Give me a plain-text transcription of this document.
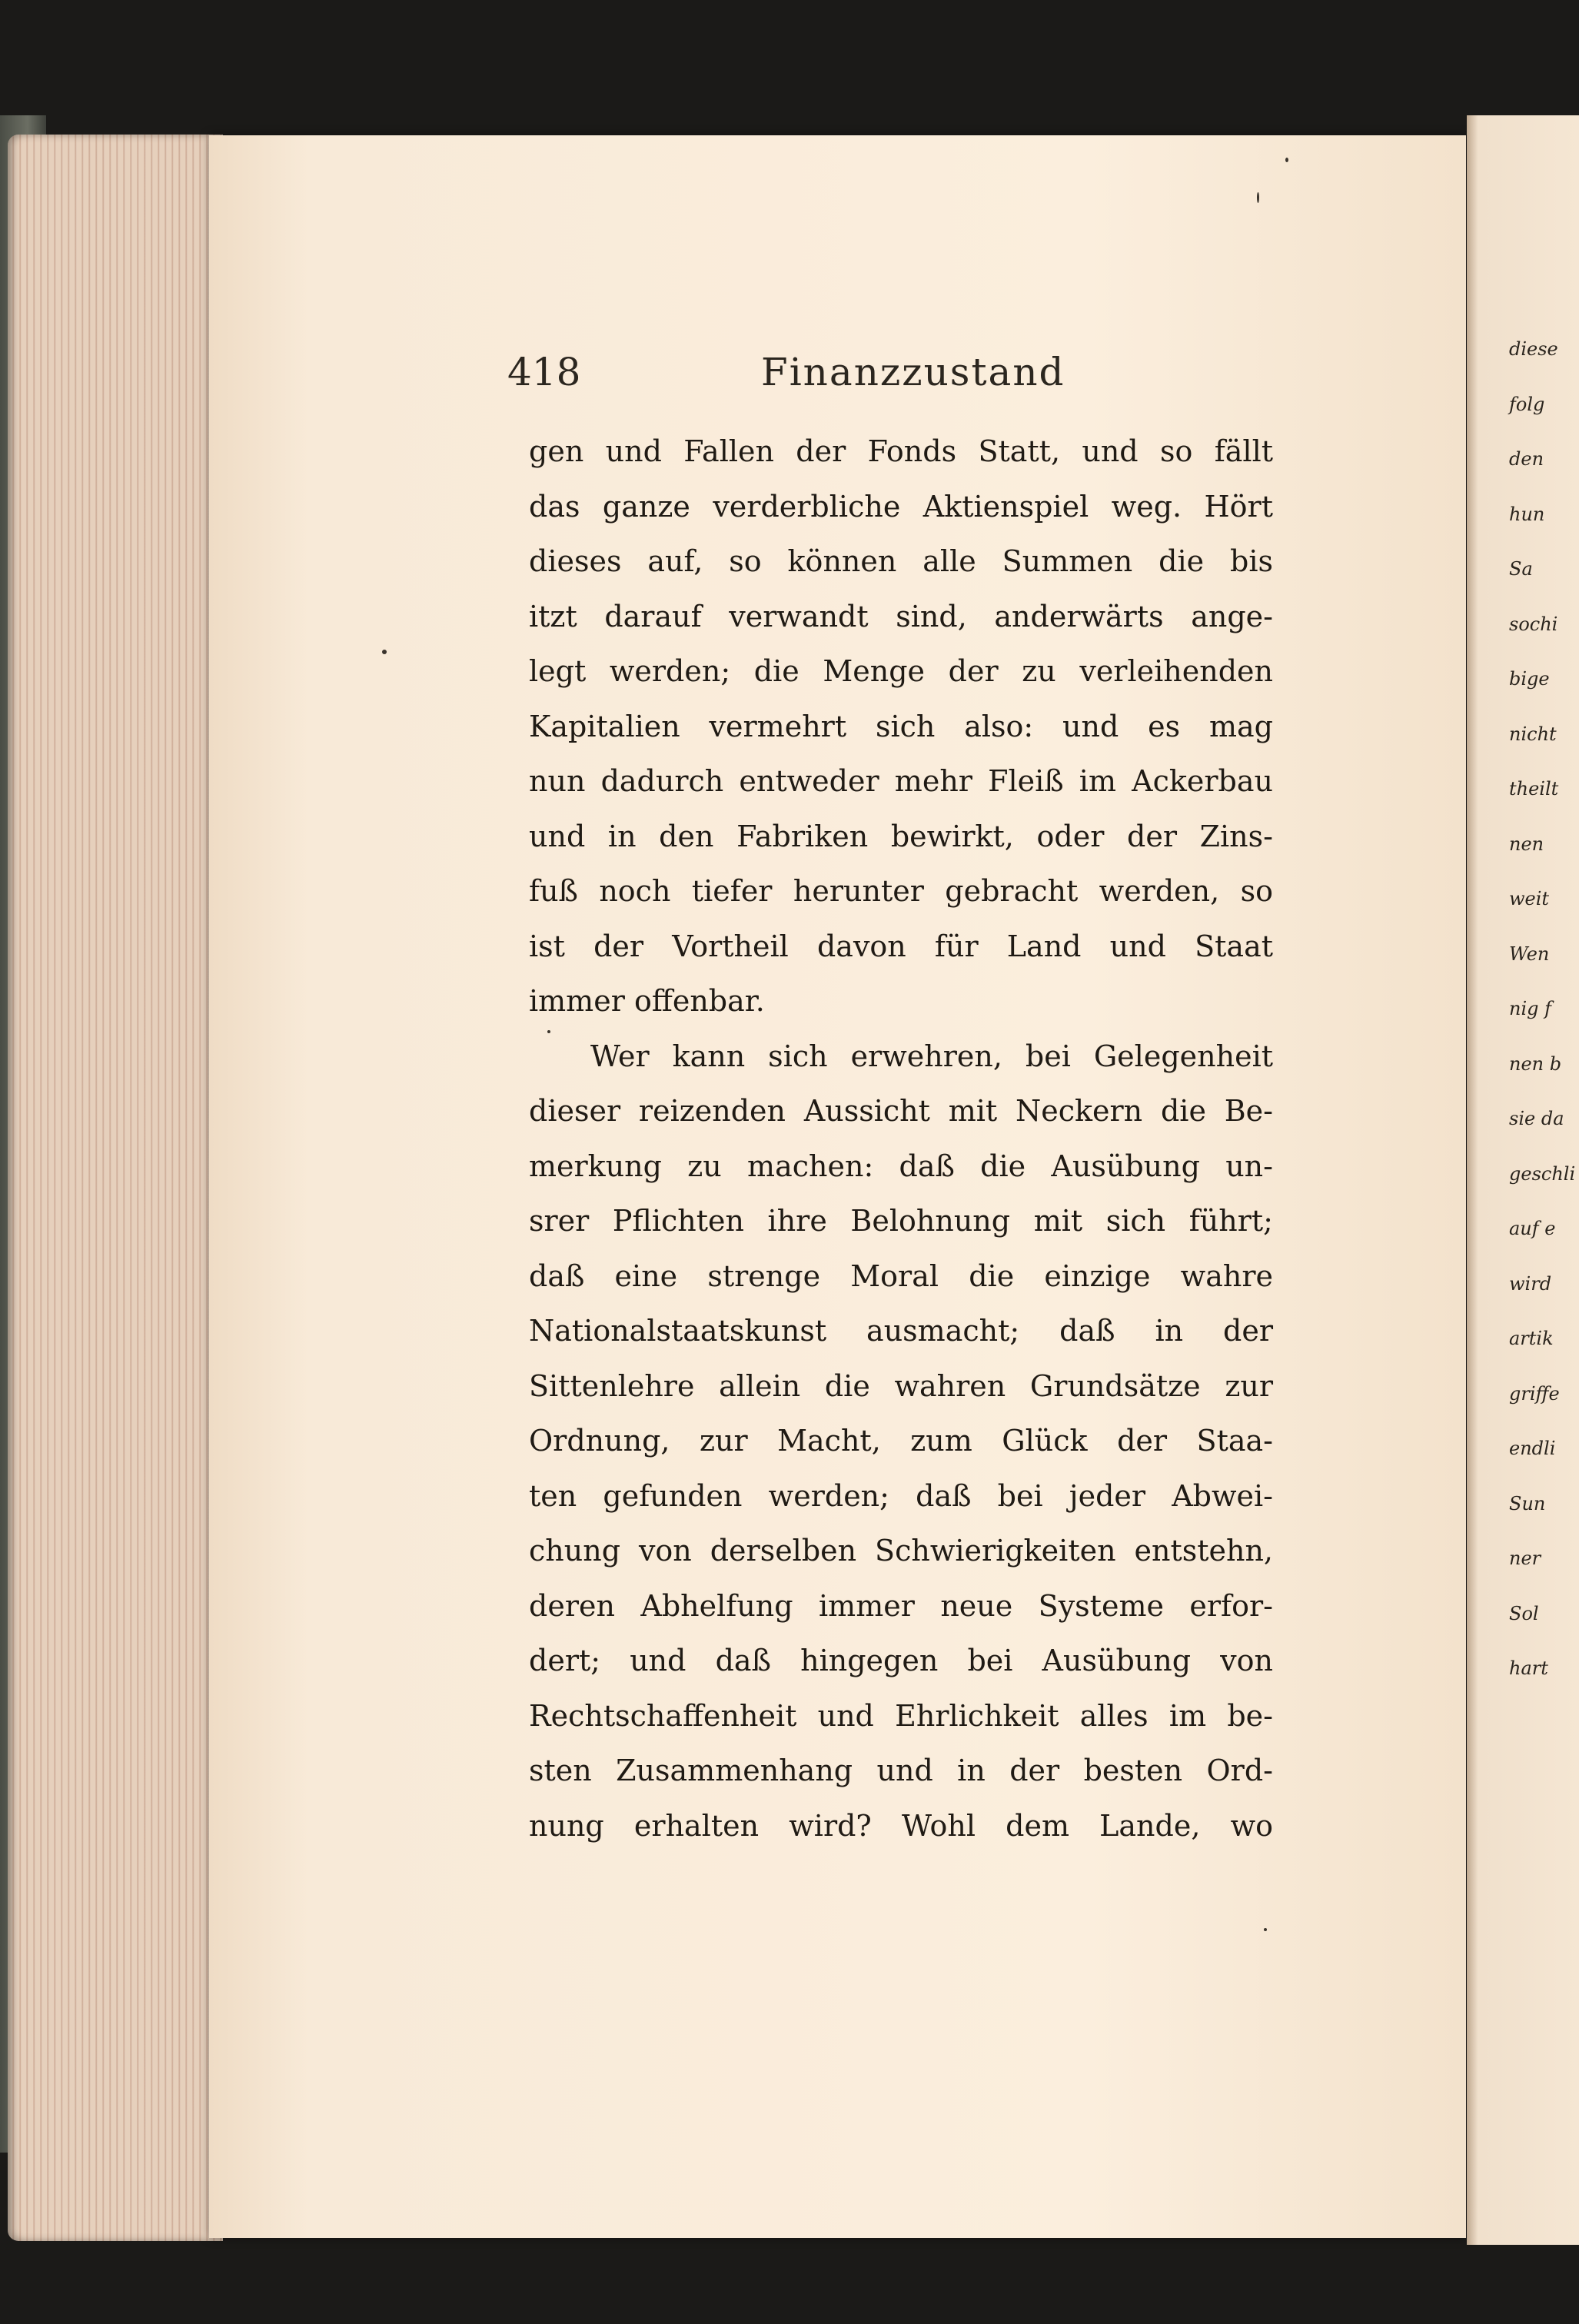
diese
folg
den
hun
Sa
sochi
bige
nicht
theilt
nen
weit
Wen
nig f
nen b
sie da
geschli
auf e
wird
artik
griffe
endli
Sun
ner
Sol
hart
418	Finanzzustand
gen und Fallen der Fonds Statt, und so fällt
das ganze verderbliche Aktienspiel weg. Hört
dieses auf, so können alle Summen die bis
itzt darauf verwandt sind, anderwärts ange-
legt werden; die Menge der zu verleihenden
Kapitalien vermehrt sich also: und es mag
nun dadurch entweder mehr Fleiß im Ackerbau
und in den Fabriken bewirkt, oder der Zins-
fuß noch tiefer herunter gebracht werden, so
ist der Vortheil davon für Land und Staat
immer offenbar.
Wer kann sich erwehren, bei Gelegenheit
dieser reizenden Aussicht mit Neckern die Be-
merkung zu machen: daß die Ausübung un-
srer Pflichten ihre Belohnung mit sich führt;
daß eine strenge Moral die einzige wahre
Nationalstaatskunst ausmacht; daß in der
Sittenlehre allein die wahren Grundsätze zur
Ordnung, zur Macht, zum Glück der Staa-
ten gefunden werden; daß bei jeder Abwei-
chung von derselben Schwierigkeiten entstehn,
deren Abhelfung immer neue Systeme erfor-
dert; und daß hingegen bei Ausübung von
Rechtschaffenheit und Ehrlichkeit alles im be-
sten Zusammenhang und in der besten Ord-
nung erhalten wird? Wohl dem Lande, wo
